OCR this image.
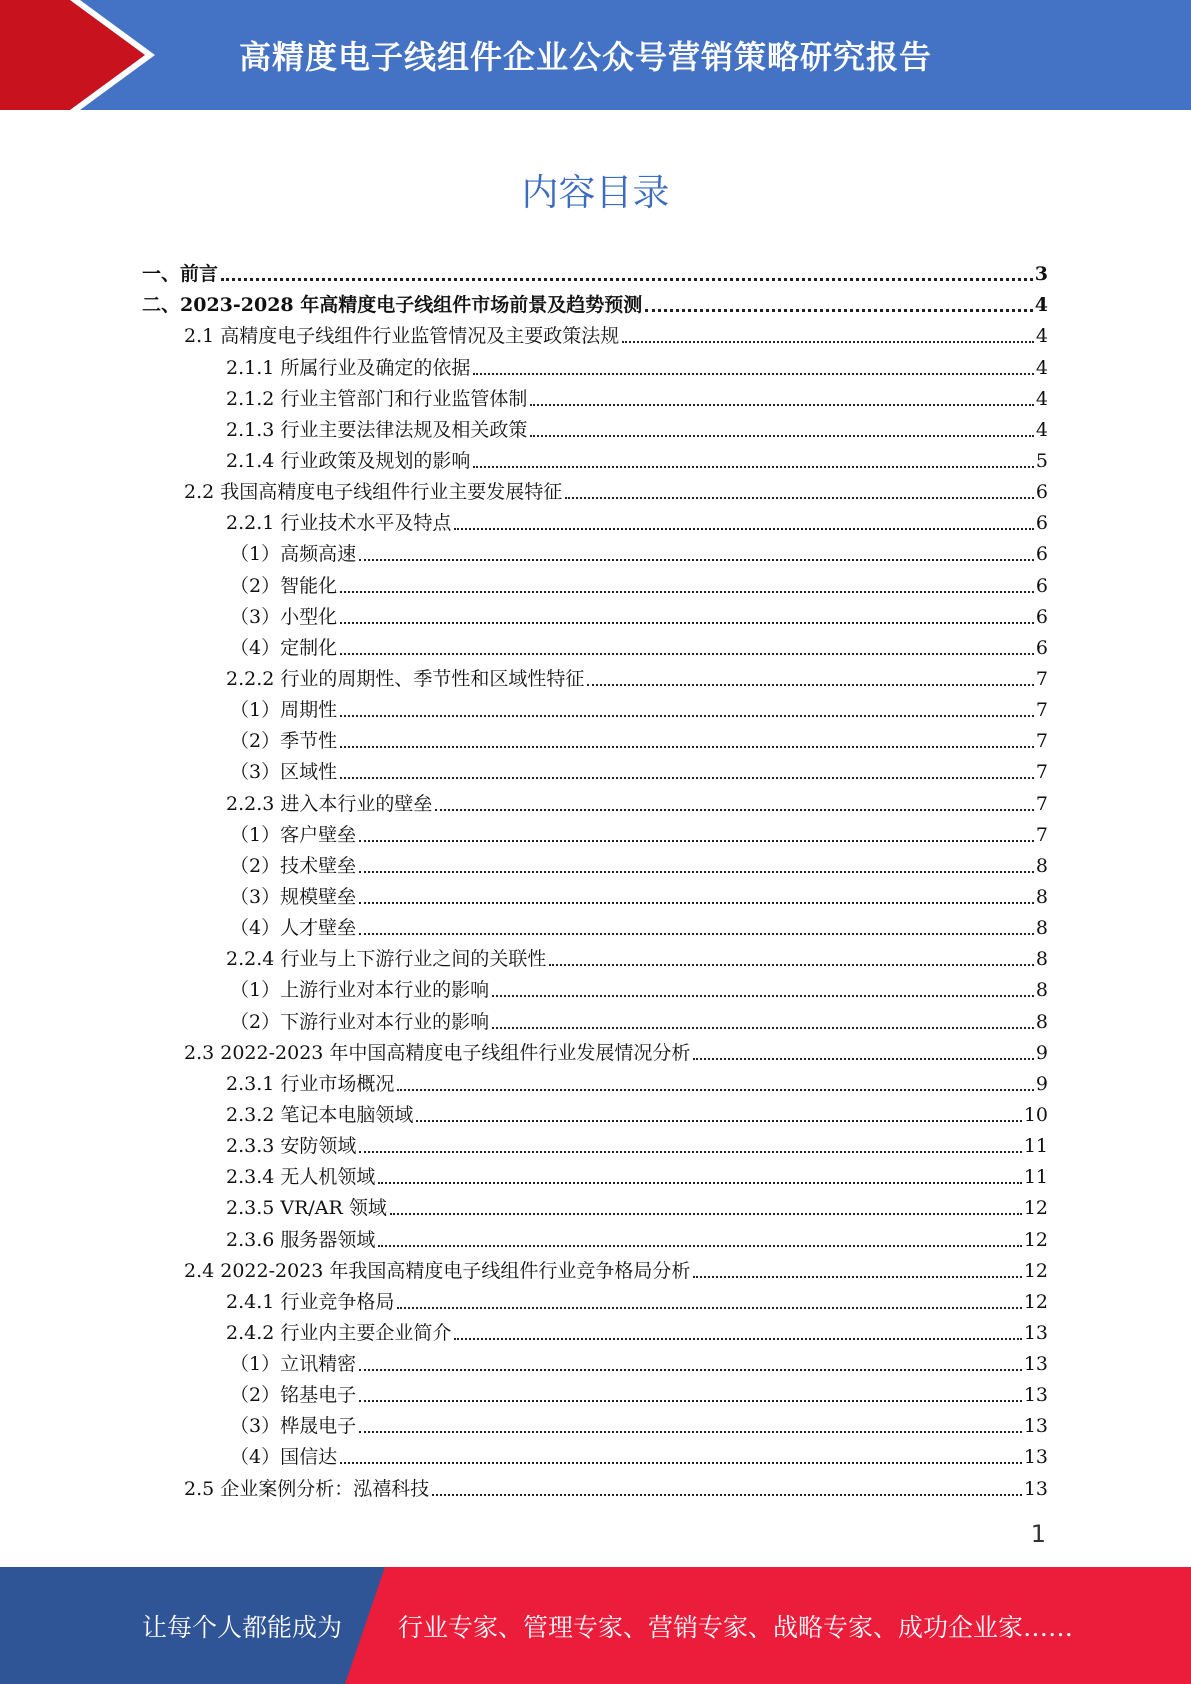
高精度电子线组件企业公众号营销策略研究报告
内容目录
一、前言	3
二、2023-2028 年高精度电子线组件市场前景及趋势预测	4
2.1 高精度电子线组件行业监管情况及主要政策法规	4
2.1.1 所属行业及确定的依据	4
2.1.2 行业主管部门和行业监管体制	4
2.1.3 行业主要法律法规及相关政策	4
2.1.4 行业政策及规划的影响	5
2.2 我国高精度电子线组件行业主要发展特征	6
2.2.1 行业技术水平及特点	6
（1）高频高速	6
（2）智能化	6
（3）小型化	6
（4）定制化	6
2.2.2 行业的周期性、季节性和区域性特征	7
（1）周期性	7
（2）季节性	7
（3）区域性	7
2.2.3 进入本行业的壁垒	7
（1）客户壁垒	7
（2）技术壁垒	8
（3）规模壁垒	8
（4）人才壁垒	8
2.2.4 行业与上下游行业之间的关联性	8
（1）上游行业对本行业的影响	8
（2）下游行业对本行业的影响	8
2.3 2022-2023 年中国高精度电子线组件行业发展情况分析	9
2.3.1 行业市场概况	9
2.3.2 笔记本电脑领域	10
2.3.3 安防领域	11
2.3.4 无人机领域	11
2.3.5 VR/AR 领域	12
2.3.6 服务器领域	12
2.4 2022-2023 年我国高精度电子线组件行业竞争格局分析	12
2.4.1 行业竞争格局	12
2.4.2 行业内主要企业简介	13
（1）立讯精密	13
（2）铭基电子	13
（3）桦晟电子	13
（4）国信达	13
2.5 企业案例分析：泓禧科技	13
1
让每个人都能成为 行业专家、管理专家、营销专家、战略专家、成功企业家……
